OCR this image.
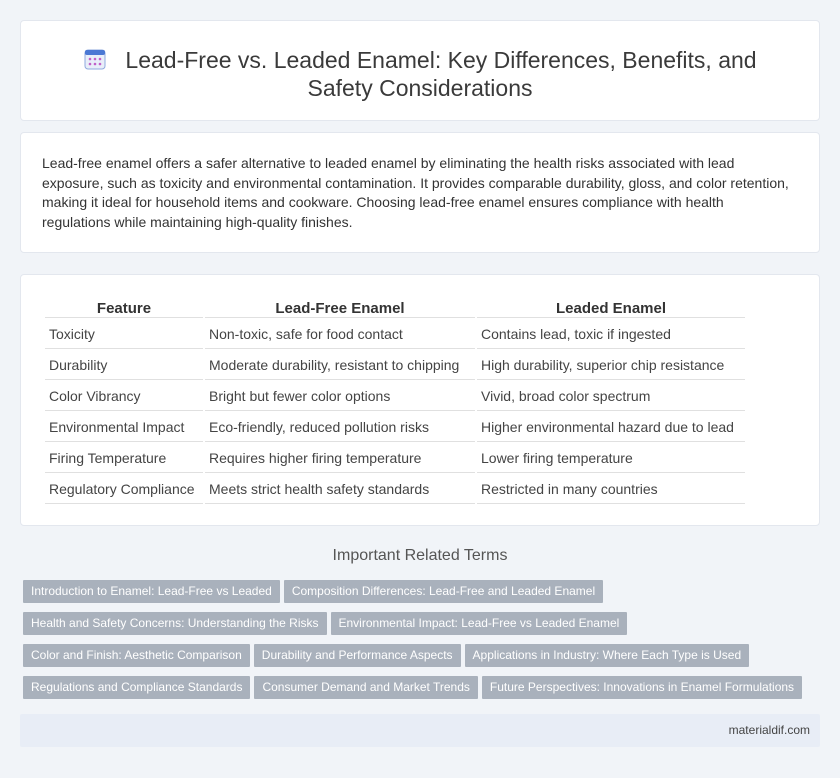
Lead-Free vs. Leaded Enamel: Key Differences, Benefits, and
Safety Considerations

Lead-free enamel offers a safer alternative to leaded enamel by eliminating the health risks associated with lead exposure, such as toxicity and environmental contamination. It provides comparable durability, gloss, and color retention, making it ideal for household items and cookware. Choosing lead-free enamel ensures compliance with health regulations while maintaining high-quality finishes.

Feature	Lead-Free Enamel	Leaded Enamel
Toxicity	Non-toxic, safe for food contact	Contains lead, toxic if ingested
Durability	Moderate durability, resistant to chipping	High durability, superior chip resistance
Color Vibrancy	Bright but fewer color options	Vivid, broad color spectrum
Environmental Impact	Eco-friendly, reduced pollution risks	Higher environmental hazard due to lead
Firing Temperature	Requires higher firing temperature	Lower firing temperature
Regulatory Compliance	Meets strict health safety standards	Restricted in many countries
Important Related Terms
Introduction to Enamel: Lead-Free vs Leaded Composition Differences: Lead-Free and Leaded Enamel
Health and Safety Concerns: Understanding the Risks Environmental Impact: Lead-Free vs Leaded Enamel
Color and Finish: Aesthetic Comparison Durability and Performance Aspects Applications in Industry: Where Each Type is Used
Regulations and Compliance Standards Consumer Demand and Market Trends Future Perspectives: Innovations in Enamel Formulations
materialdif.com
